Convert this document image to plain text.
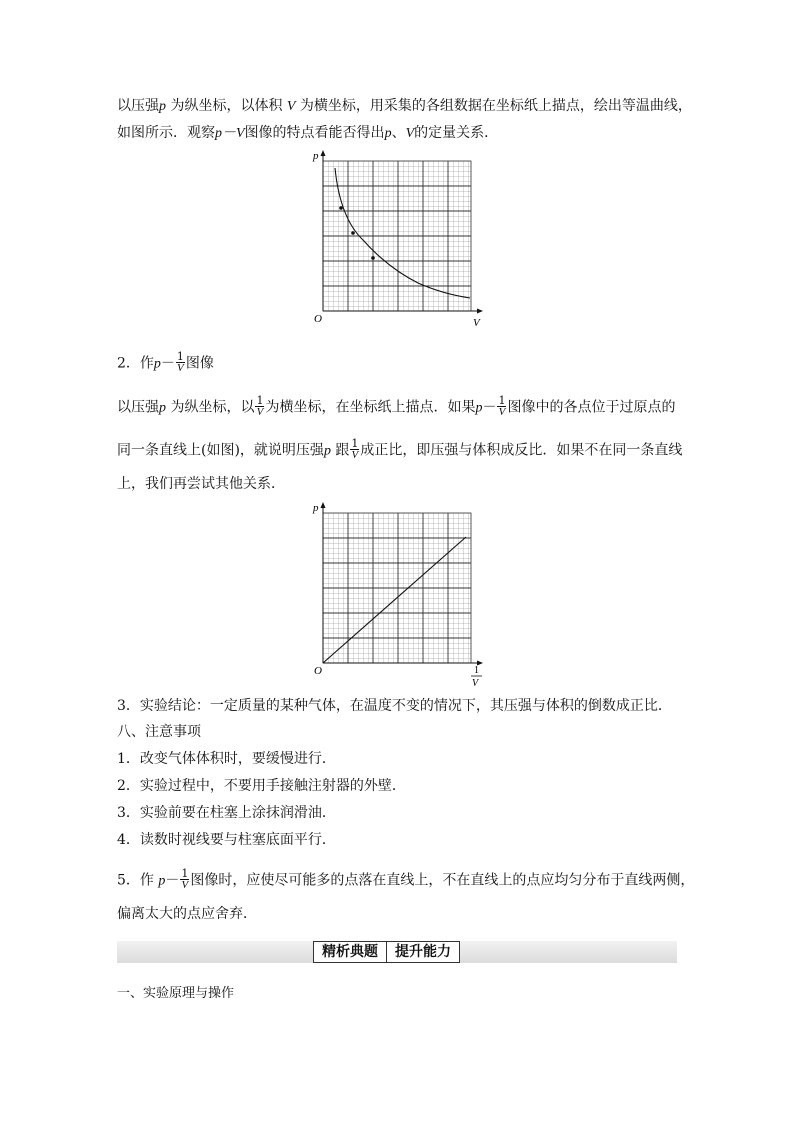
以压强p 为纵坐标，以体积 V 为横坐标，用采集的各组数据在坐标纸上描点，绘出等温曲线，
如图所示．观察p－V图像的特点看能否得出p、V的定量关系．
p
V
O
2．作$p- \frac{1}{V}$ 图像
以压强p 为纵坐标，以 $\frac{1}{V}$ 为横坐标，在坐标纸上描点．如果$p- \frac{1}{V}$ 图像中的各点位于过原点的
同一条直线上(如图)，就说明压强p 跟 $\frac{1}{V}$ 成正比，即压强与体积成反比．如果不在同一条直线
上，我们再尝试其他关系．
p
O	1
V
3．实验结论：一定质量的某种气体，在温度不变的情况下，其压强与体积的倒数成正比．
八、注意事项
1．改变气体体积时，要缓慢进行．
2．实验过程中，不要用手接触注射器的外壁．
3．实验前要在柱塞上涂抹润滑油．
4．读数时视线要与柱塞底面平行．
5．作 $p- \frac{1}{V}$ 图像时，应使尽可能多的点落在直线上，不在直线上的点应均匀分布于直线两侧，
偏离太大的点应舍弃．
精析典题	提升能力
一、实验原理与操作
